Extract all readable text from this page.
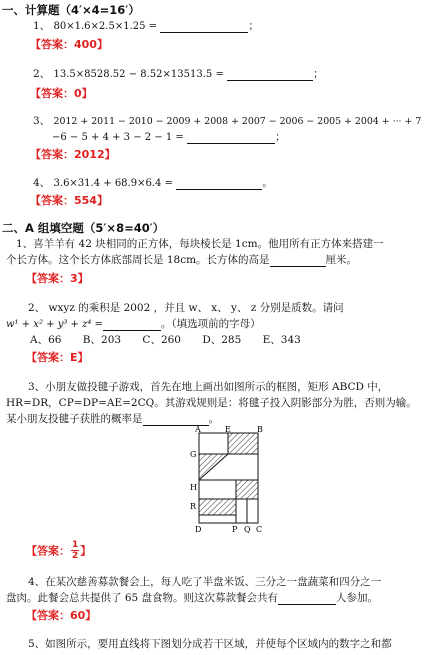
一、计算题（4′×4=16′）
1、 80×1.6×2.5×1.25 =	；
【答案：400】
2、 13.5×8528.52 − 8.52×13513.5 =	；
【答案：0】
3、 2012 + 2011 − 2010 − 2009 + 2008 + 2007 − 2006 − 2005 + 2004 + ··· + 7
−6 − 5 + 4 + 3 − 2 − 1 =	；
【答案：2012】
4、 3.6×31.4 + 68.9×6.4 =	。
【答案：554】
二、A 组填空题（5′×8=40′）
1、喜羊羊有 42 块相同的正方体，每块棱长是 1cm。他用所有正方体来搭建一
个长方体。这个长方体底部周长是 18cm。长方体的高是	厘米。
【答案：3】
2、 wxyz 的乘积是 2002 ，并且 w、 x、 y、 z 分别是质数。请问
w¹ + x² + y³ + z⁴ =	。（填选项前的字母）
A、66 B、203 C、260 D、285 E、343
【答案：E】
3、小朋友做投毽子游戏，首先在地上画出如图所示的框图，矩形 ABCD 中，
HR=DR，CP=DP=AE=2CQ。其游戏规则是：将毽子投入阴影部分为胜，否则为输。
某小朋友投毽子获胜的概率是	。
A	E	B
G
H
R
D	P Q C
【答案： $\frac{1}{2}$ 】
4、在某次慈善募款餐会上，每人吃了半盘米饭、三分之一盘蔬菜和四分之一
盘肉。此餐会总共提供了 65 盘食物。则这次募款餐会共有	人参加。
【答案：60】
5、如图所示，要用直线将下图划分成若干区域，并使每个区域内的数字之和都
